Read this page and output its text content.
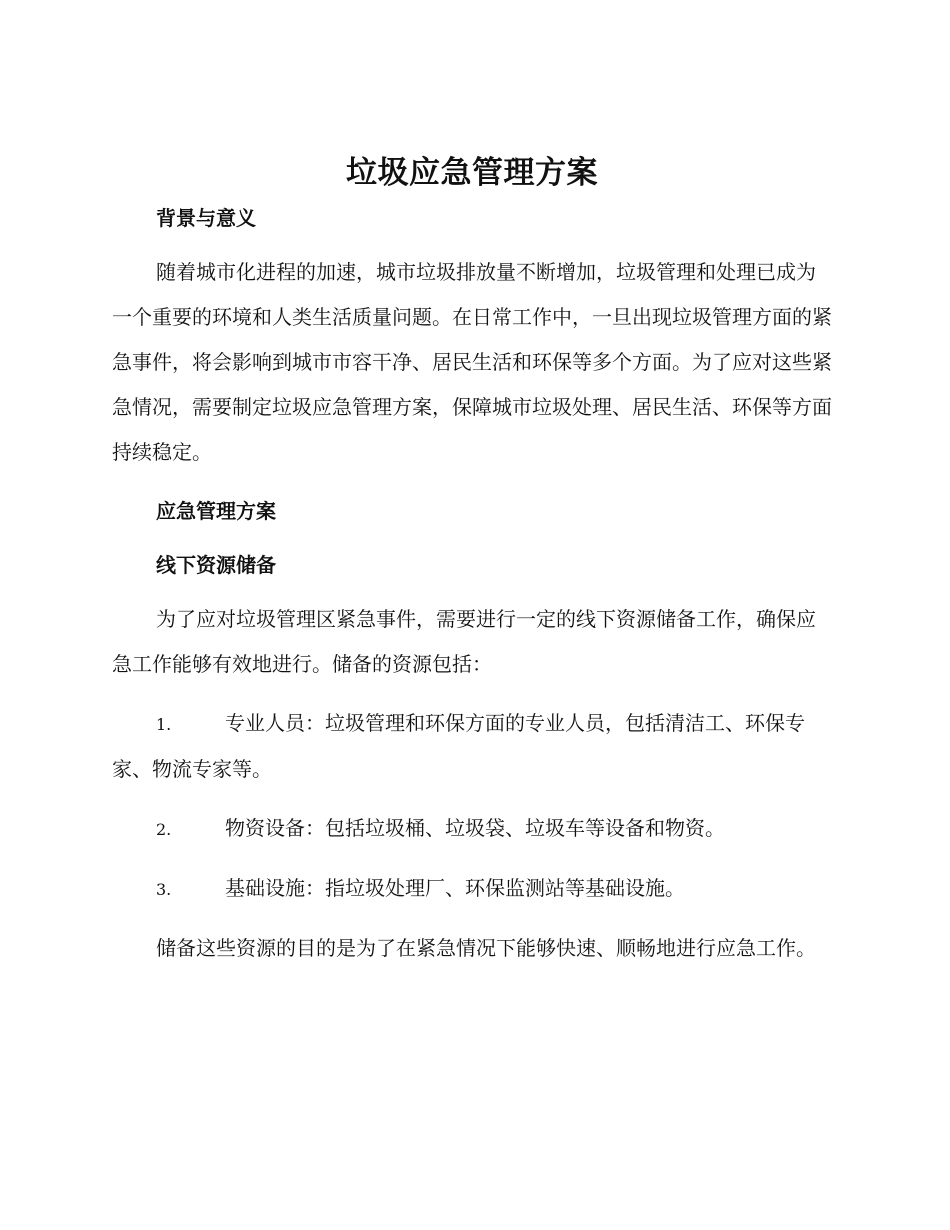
垃圾应急管理方案
背景与意义

随着城市化进程的加速，城市垃圾排放量不断增加，垃圾管理和处理已成为一个重要的环境和人类生活质量问题。在日常工作中，一旦出现垃圾管理方面的紧急事件，将会影响到城市市容干净、居民生活和环保等多个方面。为了应对这些紧急情况，需要制定垃圾应急管理方案，保障城市垃圾处理、居民生活、环保等方面持续稳定。

应急管理方案
线下资源储备

为了应对垃圾管理区紧急事件，需要进行一定的线下资源储备工作，确保应急工作能够有效地进行。储备的资源包括：

1.	专业人员：垃圾管理和环保方面的专业人员，包括清洁工、环保专家、物流专家等。

2.	物资设备：包括垃圾桶、垃圾袋、垃圾车等设备和物资。

3.	基础设施：指垃圾处理厂、环保监测站等基础设施。

储备这些资源的目的是为了在紧急情况下能够快速、顺畅地进行应急工作。
